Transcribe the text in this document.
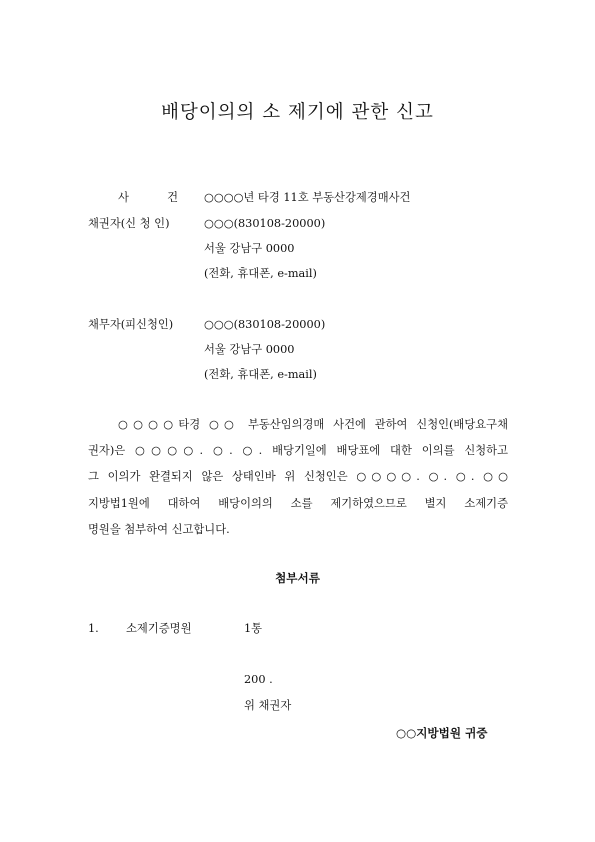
배당이의의 소 제기에 관한 신고
사	건 ○○○○년 타경 11호 부동산강제경매사건
채권자(신 청 인)	○○○(830108-20000)
서울 강남구 0000
(전화, 휴대폰, e-mail)
채무자(피신청인)	○○○(830108-20000)
서울 강남구 0000
(전화, 휴대폰, e-mail)
○○○○타경 ○○ 부동산임의경매 사건에 관하여 신청인(배당요구채
권자)은 ○○○○. ○. ○. 배당기일에 배당표에 대한 이의를 신청하고
그 이의가 완결되지 않은 상태인바 위 신청인은 ○○○○. ○. ○. ○○
지방법1원에 대하여 배당이의의 소를 제기하였으므로 별지 소제기증
명원을 첨부하여 신고합니다.
첨부서류
1. 소제기증명원	1통
200 .
위 채권자
○○지방법원 귀중
